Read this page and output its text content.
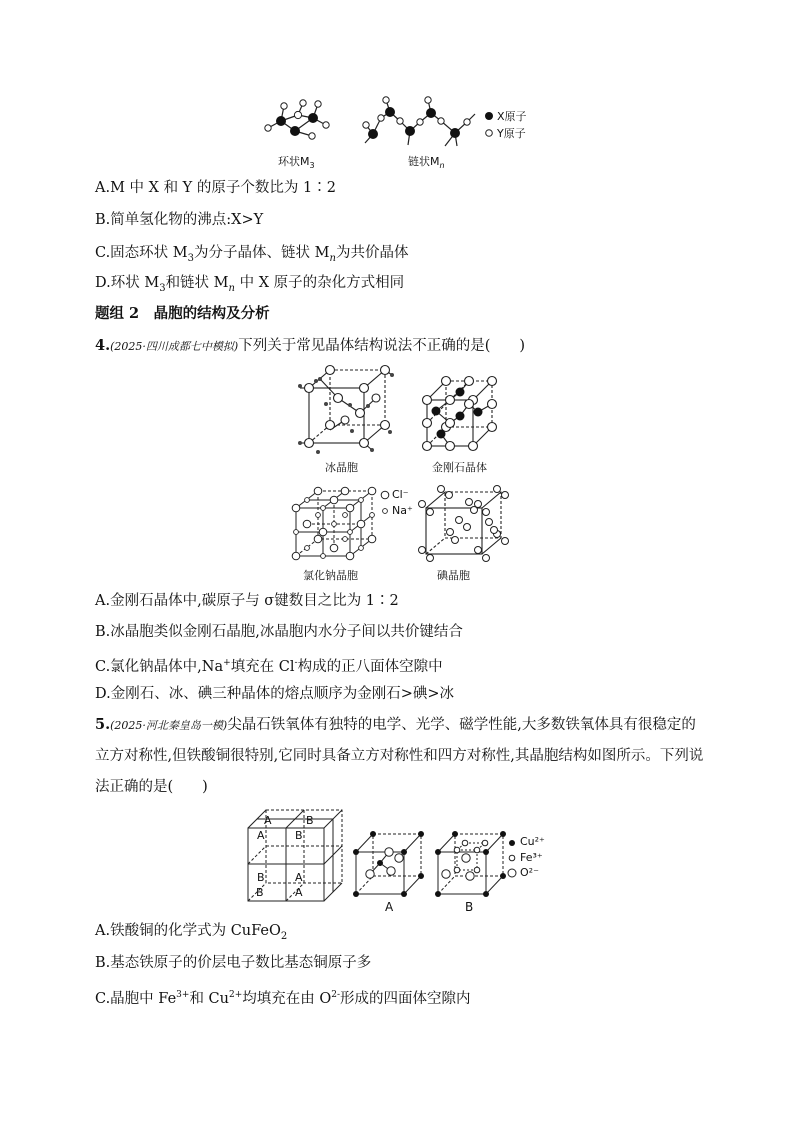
X原子
Y原子
环状$M_3$	链状$M_n$
A.M 中 X 和 Y 的原子个数比为 1∶2
B.简单氢化物的沸点:X>Y
C.固态环状 $M_3$为分子晶体、链状 $M_n$为共价晶体
D.环状 $M_3$和链状 $M_n$ 中 X 原子的杂化方式相同
题组 2　晶胞的结构及分析
4.(2025·四川成都七中模拟)下列关于常见晶体结构说法不正确的是(　　)
冰晶胞	金刚石晶体
Cl⁻
Na⁺
氯化钠晶胞	碘晶胞
A.金刚石晶体中,碳原子与 σ键数目之比为 1∶2
B.冰晶胞类似金刚石晶胞,冰晶胞内水分子间以共价键结合
C.氯化钠晶体中,Na+填充在 Cl-构成的正八面体空隙中
D.金刚石、冰、碘三种晶体的熔点顺序为金刚石>碘>冰
5.(2025·河北秦皇岛一模)尖晶石铁氧体有独特的电学、光学、磁学性能,大多数铁氧体具有很稳定的立方对称性,但铁酸铜很特别,它同时具备立方对称性和四方对称性,其晶胞结构如图所示。下列说法正确的是(　　)
A	B
A	B
B	A
B	A
A	B
Cu²⁺
Fe³⁺
O²⁻
A.铁酸铜的化学式为 CuFeO$_2$
B.基态铁原子的价层电子数比基态铜原子多
C.晶胞中 $Fe^{3+}$和 $Cu^{2+}$均填充在由 $O^{2-}$形成的四面体空隙内
